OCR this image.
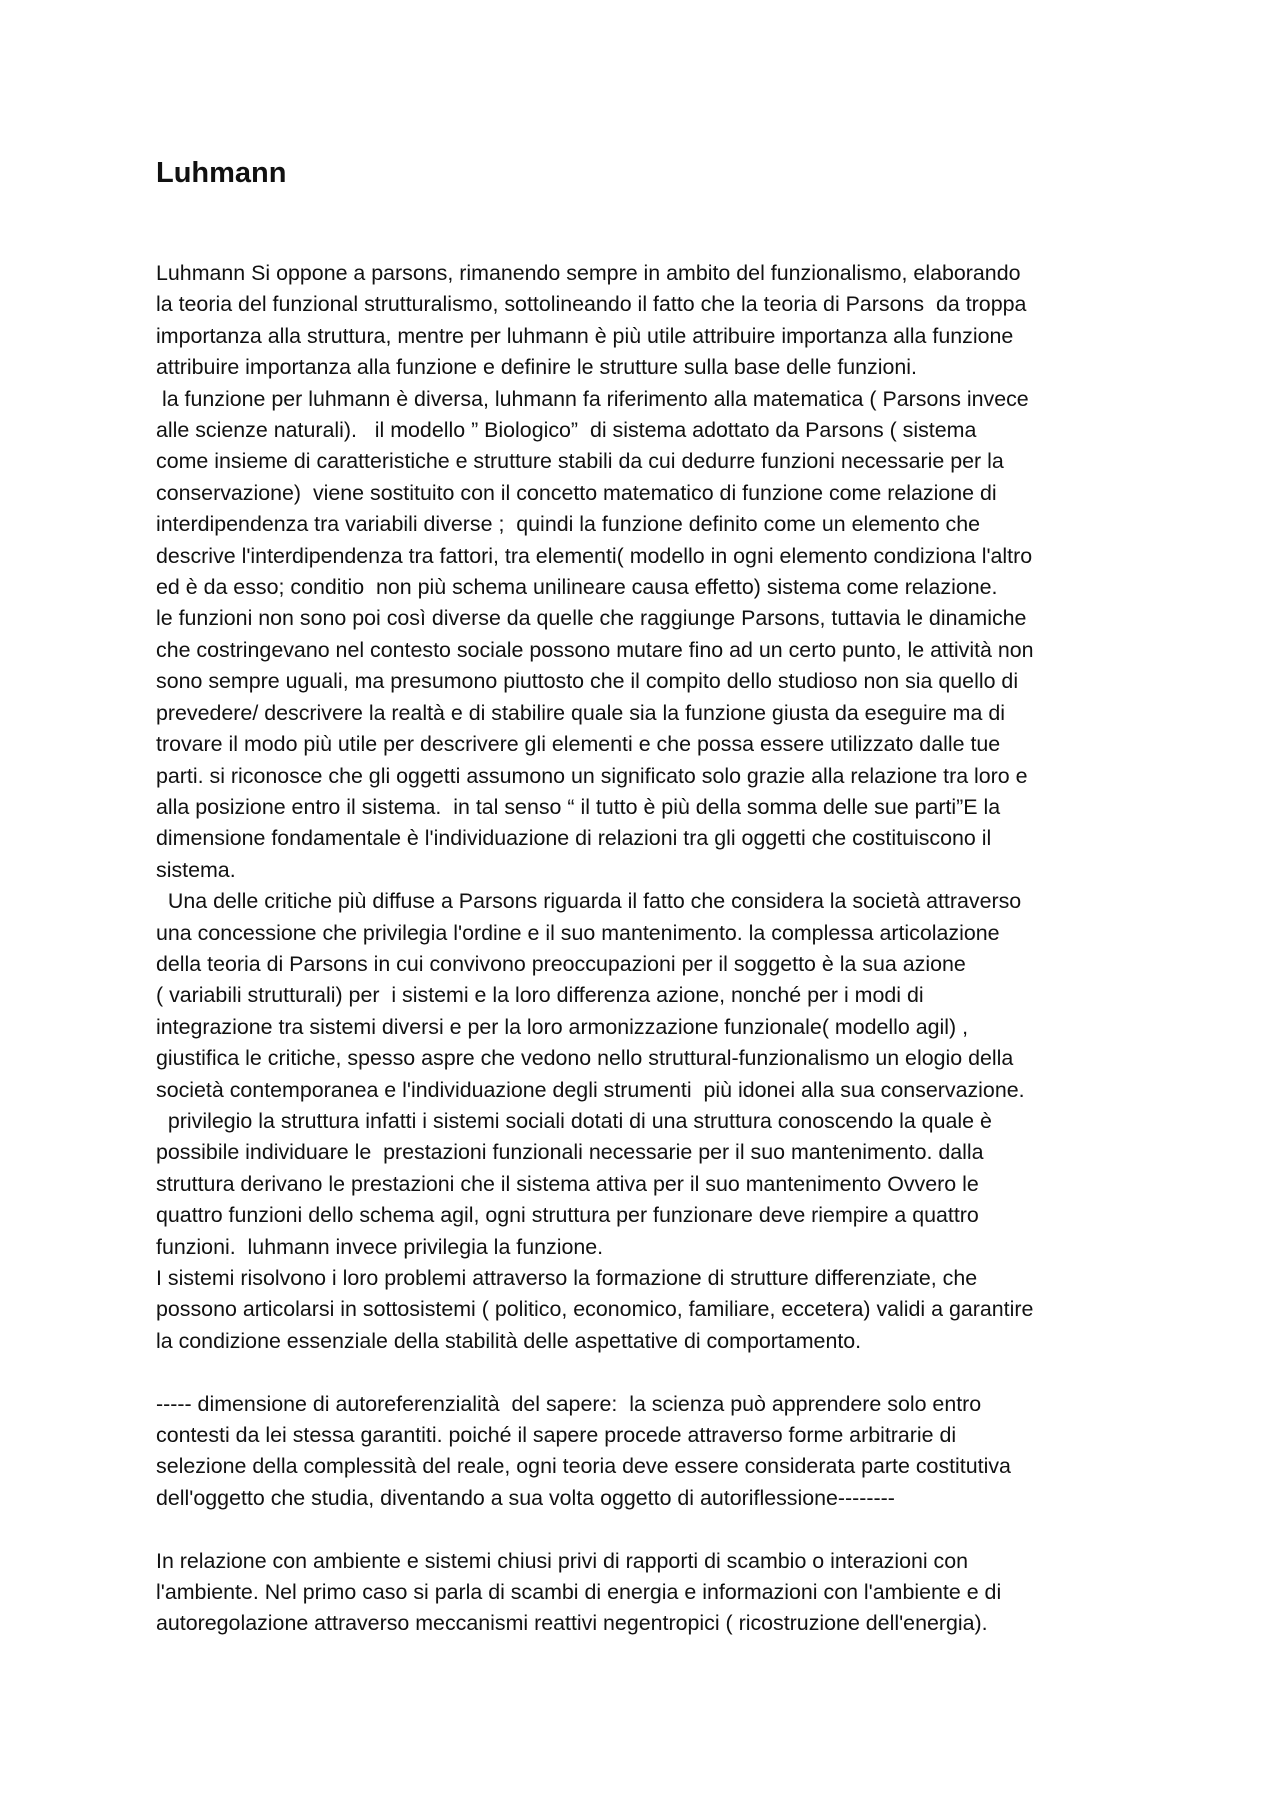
Luhmann
Luhmann Si oppone a parsons, rimanendo sempre in ambito del funzionalismo, elaborando
la teoria del funzional strutturalismo, sottolineando il fatto che la teoria di Parsons  da troppa
importanza alla struttura, mentre per luhmann è più utile attribuire importanza alla funzione
attribuire importanza alla funzione e definire le strutture sulla base delle funzioni.
la funzione per luhmann è diversa, luhmann fa riferimento alla matematica ( Parsons invece
alle scienze naturali).   il modello ” Biologico”  di sistema adottato da Parsons ( sistema
come insieme di caratteristiche e strutture stabili da cui dedurre funzioni necessarie per la
conservazione)  viene sostituito con il concetto matematico di funzione come relazione di
interdipendenza tra variabili diverse ;  quindi la funzione definito come un elemento che
descrive l'interdipendenza tra fattori, tra elementi( modello in ogni elemento condiziona l'altro
ed è da esso; conditio  non più schema unilineare causa effetto) sistema come relazione.
le funzioni non sono poi così diverse da quelle che raggiunge Parsons, tuttavia le dinamiche
che costringevano nel contesto sociale possono mutare fino ad un certo punto, le attività non
sono sempre uguali, ma presumono piuttosto che il compito dello studioso non sia quello di
prevedere/ descrivere la realtà e di stabilire quale sia la funzione giusta da eseguire ma di
trovare il modo più utile per descrivere gli elementi e che possa essere utilizzato dalle tue
parti. si riconosce che gli oggetti assumono un significato solo grazie alla relazione tra loro e
alla posizione entro il sistema.  in tal senso “ il tutto è più della somma delle sue parti”E la
dimensione fondamentale è l'individuazione di relazioni tra gli oggetti che costituiscono il
sistema.
Una delle critiche più diffuse a Parsons riguarda il fatto che considera la società attraverso
una concessione che privilegia l'ordine e il suo mantenimento. la complessa articolazione
della teoria di Parsons in cui convivono preoccupazioni per il soggetto è la sua azione
( variabili strutturali) per  i sistemi e la loro differenza azione, nonché per i modi di
integrazione tra sistemi diversi e per la loro armonizzazione funzionale( modello agil) ,
giustifica le critiche, spesso aspre che vedono nello struttural-funzionalismo un elogio della
società contemporanea e l'individuazione degli strumenti  più idonei alla sua conservazione.
privilegio la struttura infatti i sistemi sociali dotati di una struttura conoscendo la quale è
possibile individuare le  prestazioni funzionali necessarie per il suo mantenimento. dalla
struttura derivano le prestazioni che il sistema attiva per il suo mantenimento Ovvero le
quattro funzioni dello schema agil, ogni struttura per funzionare deve riempire a quattro
funzioni.  luhmann invece privilegia la funzione.
I sistemi risolvono i loro problemi attraverso la formazione di strutture differenziate, che
possono articolarsi in sottosistemi ( politico, economico, familiare, eccetera) validi a garantire
la condizione essenziale della stabilità delle aspettative di comportamento.
----- dimensione di autoreferenzialità  del sapere:  la scienza può apprendere solo entro
contesti da lei stessa garantiti. poiché il sapere procede attraverso forme arbitrarie di
selezione della complessità del reale, ogni teoria deve essere considerata parte costitutiva
dell'oggetto che studia, diventando a sua volta oggetto di autoriflessione--------
In relazione con ambiente e sistemi chiusi privi di rapporti di scambio o interazioni con
l'ambiente. Nel primo caso si parla di scambi di energia e informazioni con l'ambiente e di
autoregolazione attraverso meccanismi reattivi negentropici ( ricostruzione dell'energia).
